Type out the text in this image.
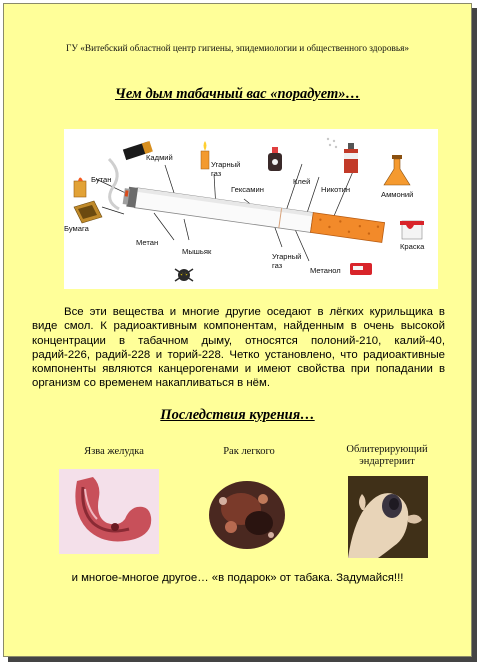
ГУ «Витебский областной центр гигиены, эпидемиологии и общественного здоровья»
Чем дым табачный вас «порадует»…
Бутан
Кадмий
Угарный
газ
Гексамин
Клей
Никотин
Аммоний
Бумага
Метан
Мышьяк
Угарный
газ
Метанол
Краска
Все эти вещества и многие другие оседают в лёгких курильщика в виде смол. К радиоактивным компонентам, найденным в очень высокой концентрации в табачном дыму, относятся полоний-210, калий-40, радий-226, радий-228 и торий-228. Четко установлено, что радиоактивные компоненты являются канцерогенами и имеют свойства при попадании в организм со временем накапливаться в нём.
Последствия курения…
Язва желудка	Рак легкого	Облитерирующий
эндартериит
и многое-многое другое… «в подарок» от табака. Задумайся!!!
